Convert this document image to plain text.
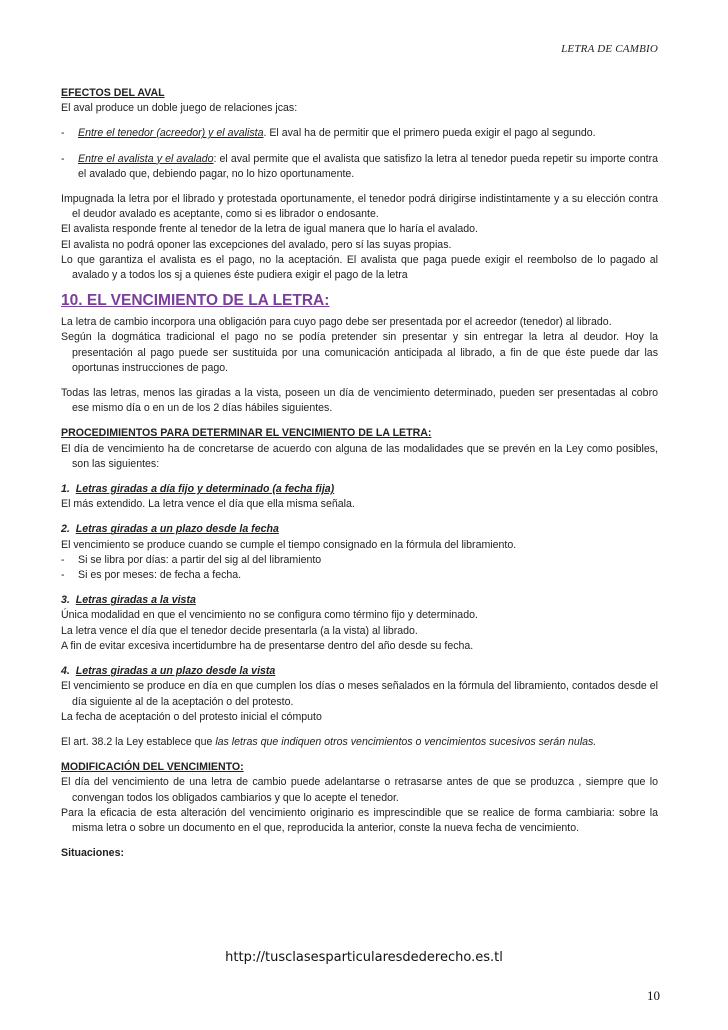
LETRA DE CAMBIO

EFECTOS DEL AVAL

El aval produce un doble juego de relaciones jcas:

-	Entre el tenedor (acreedor) y el avalista. El aval ha de permitir que el primero pueda exigir el pago al segundo.
-	Entre el avalista y el avalado: el aval permite que el avalista que satisfizo la letra al tenedor pueda repetir su importe contra el avalado que, debiendo pagar, no lo hizo oportunamente.

Impugnada la letra por el librado y protestada oportunamente, el tenedor podrá dirigirse indistintamente y a su elección contra el deudor avalado es aceptante, como si es librador o endosante.

El avalista responde frente al tenedor de la letra de igual manera que lo haría el avalado.

El avalista no podrá oponer las excepciones del avalado, pero sí las suyas propias.

Lo que garantiza el avalista es el pago, no la aceptación. El avalista que paga puede exigir el reembolso de lo pagado al avalado y a todos los sj a quienes éste pudiera exigir el pago de la letra

10. EL VENCIMIENTO DE LA LETRA:

La letra de cambio incorpora una obligación para cuyo pago debe ser presentada por el acreedor (tenedor) al librado.

Según la dogmática tradicional el pago no se podía pretender sin presentar y sin entregar la letra al deudor. Hoy la presentación al pago puede ser sustituida por una comunicación anticipada al librado, a fin de que éste puede dar las oportunas instrucciones de pago.

Todas las letras, menos las giradas a la vista, poseen un día de vencimiento determinado, pueden ser presentadas al cobro ese mismo día o en un de los 2 días hábiles siguientes.

PROCEDIMIENTOS PARA DETERMINAR EL VENCIMIENTO DE LA LETRA:

El día de vencimiento ha de concretarse de acuerdo con alguna de las modalidades que se prevén en la Ley como posibles, son las siguientes:

1. Letras giradas a día fijo y determinado (a fecha fija)

El más extendido. La letra vence el día que ella misma señala.

2. Letras giradas a un plazo desde la fecha

El vencimiento se produce cuando se cumple el tiempo consignado en la fórmula del libramiento.

-	Si se libra por días: a partir del sig al del libramiento
-	Si es por meses: de fecha a fecha.

3. Letras giradas a la vista

Única modalidad en que el vencimiento no se configura como término fijo y determinado.

La letra vence el día que el tenedor decide presentarla (a la vista) al librado.

A fin de evitar excesiva incertidumbre ha de presentarse dentro del año desde su fecha.

4. Letras giradas a un plazo desde la vista

El vencimiento se produce en día en que cumplen los días o meses señalados en la fórmula del libramiento, contados desde el día siguiente al de la aceptación o del protesto.

La fecha de aceptación o del protesto inicial el cómputo

El art. 38.2 la Ley establece que las letras que indiquen otros vencimientos o vencimientos sucesivos serán nulas.

MODIFICACIÓN DEL VENCIMIENTO:

El día del vencimiento de una letra de cambio puede adelantarse o retrasarse antes de que se produzca , siempre que lo convengan todos los obligados cambiarios y que lo acepte el tenedor.

Para la eficacia de esta alteración del vencimiento originario es imprescindible que se realice de forma cambiaria: sobre la misma letra o sobre un documento en el que, reproducida la anterior, conste la nueva fecha de vencimiento.

Situaciones:

http://tusclasesparticularesdederecho.es.tl
10
